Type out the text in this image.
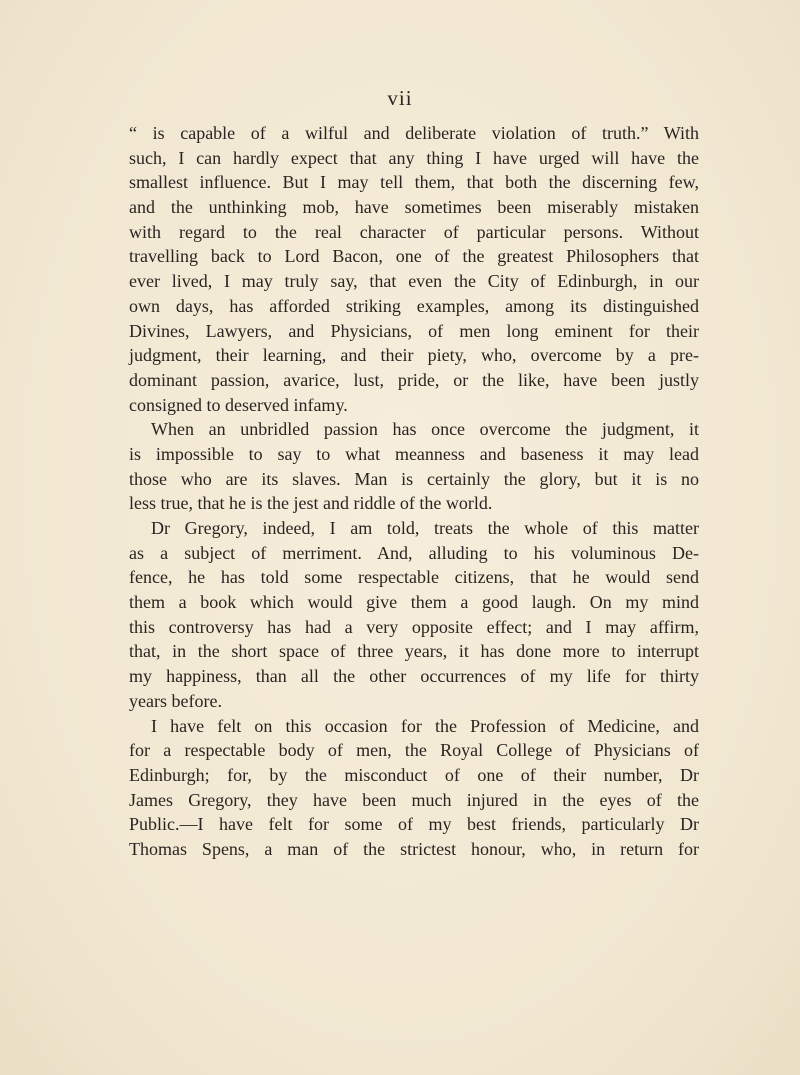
vii
“ is capable of a wilful and deliberate violation of truth.” With
such, I can hardly expect that any thing I have urged will have the
smallest influence. But I may tell them, that both the discerning few,
and the unthinking mob, have sometimes been miserably mistaken
with regard to the real character of particular persons. Without
travelling back to Lord Bacon, one of the greatest Philosophers that
ever lived, I may truly say, that even the City of Edinburgh, in our
own days, has afforded striking examples, among its distinguished
Divines, Lawyers, and Physicians, of men long eminent for their
judgment, their learning, and their piety, who, overcome by a pre-
dominant passion, avarice, lust, pride, or the like, have been justly
consigned to deserved infamy.
When an unbridled passion has once overcome the judgment, it
is impossible to say to what meanness and baseness it may lead
those who are its slaves. Man is certainly the glory, but it is no
less true, that he is the jest and riddle of the world.
Dr Gregory, indeed, I am told, treats the whole of this matter
as a subject of merriment. And, alluding to his voluminous De-
fence, he has told some respectable citizens, that he would send
them a book which would give them a good laugh. On my mind
this controversy has had a very opposite effect; and I may affirm,
that, in the short space of three years, it has done more to interrupt
my happiness, than all the other occurrences of my life for thirty
years before.
I have felt on this occasion for the Profession of Medicine, and
for a respectable body of men, the Royal College of Physicians of
Edinburgh; for, by the misconduct of one of their number, Dr
James Gregory, they have been much injured in the eyes of the
Public.—I have felt for some of my best friends, particularly Dr
Thomas Spens, a man of the strictest honour, who, in return for
